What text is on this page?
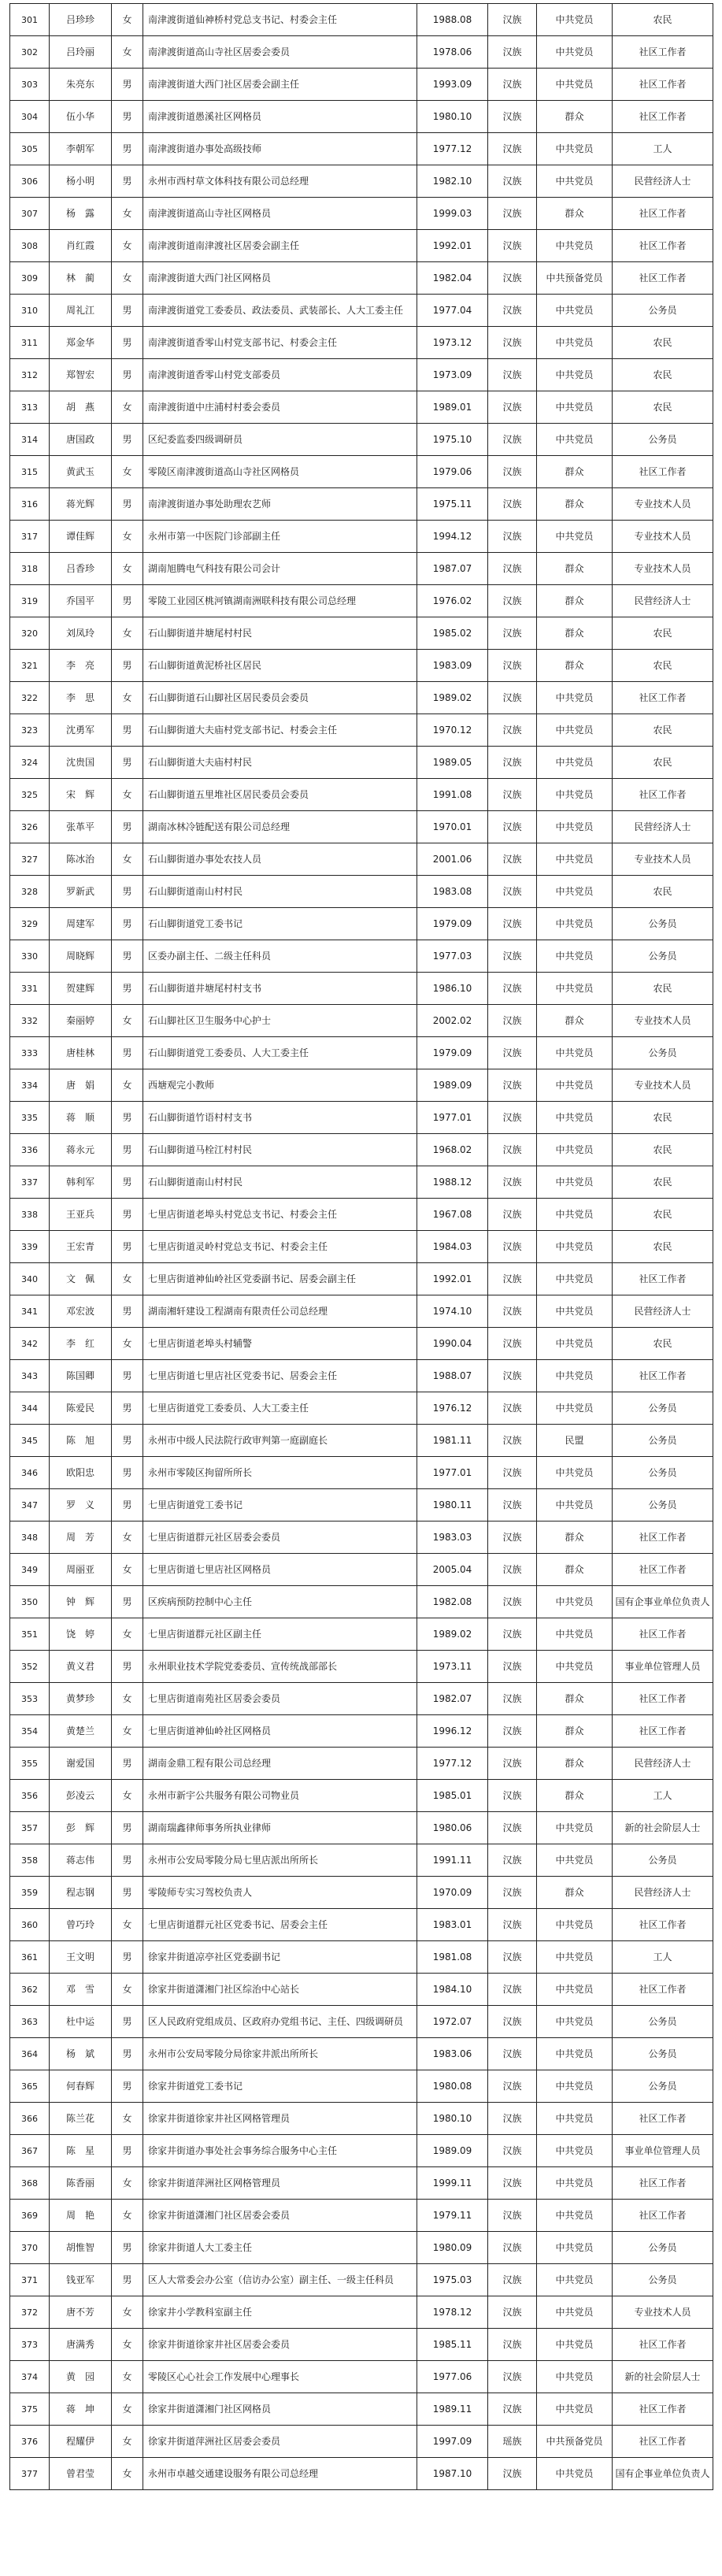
301	吕珍珍	女	南津渡街道仙神桥村党总支书记、村委会主任	1988.08	汉族	中共党员	农民
302	吕玲丽	女	南津渡街道高山寺社区居委会委员	1978.06	汉族	中共党员	社区工作者
303	朱亮东	男	南津渡街道大西门社区居委会副主任	1993.09	汉族	中共党员	社区工作者
304	伍小华	男	南津渡街道愚溪社区网格员	1980.10	汉族	群众	社区工作者
305	李朝军	男	南津渡街道办事处高级技师	1977.12	汉族	中共党员	工人
306	杨小明	男	永州市西村草文体科技有限公司总经理	1982.10	汉族	中共党员	民营经济人士
307	杨　露	女	南津渡街道高山寺社区网格员	1999.03	汉族	群众	社区工作者
308	肖红霞	女	南津渡街道南津渡社区居委会副主任	1992.01	汉族	中共党员	社区工作者
309	林　蔺	女	南津渡街道大西门社区网格员	1982.04	汉族	中共预备党员	社区工作者
310	周礼江	男	南津渡街道党工委委员、政法委员、武装部长、人大工委主任	1977.04	汉族	中共党员	公务员
311	郑金华	男	南津渡街道香零山村党支部书记、村委会主任	1973.12	汉族	中共党员	农民
312	郑智宏	男	南津渡街道香零山村党支部委员	1973.09	汉族	中共党员	农民
313	胡　燕	女	南津渡街道中庄浦村村委会委员	1989.01	汉族	中共党员	农民
314	唐国政	男	区纪委监委四级调研员	1975.10	汉族	中共党员	公务员
315	黄武玉	女	零陵区南津渡街道高山寺社区网格员	1979.06	汉族	群众	社区工作者
316	蒋光辉	男	南津渡街道办事处助理农艺师	1975.11	汉族	群众	专业技术人员
317	谭佳辉	女	永州市第一中医院门诊部副主任	1994.12	汉族	中共党员	专业技术人员
318	吕香珍	女	湖南旭腾电气科技有限公司会计	1987.07	汉族	群众	专业技术人员
319	乔国平	男	零陵工业园区桃河镇湖南洲联科技有限公司总经理	1976.02	汉族	群众	民营经济人士
320	刘凤玲	女	石山脚街道井塘尾村村民	1985.02	汉族	群众	农民
321	李　亮	男	石山脚街道黄泥桥社区居民	1983.09	汉族	群众	农民
322	李　思	女	石山脚街道石山脚社区居民委员会委员	1989.02	汉族	中共党员	社区工作者
323	沈勇军	男	石山脚街道大夫庙村党支部书记、村委会主任	1970.12	汉族	中共党员	农民
324	沈贵国	男	石山脚街道大夫庙村村民	1989.05	汉族	中共党员	农民
325	宋　辉	女	石山脚街道五里堆社区居民委员会委员	1991.08	汉族	中共党员	社区工作者
326	张革平	男	湖南冰林冷链配送有限公司总经理	1970.01	汉族	中共党员	民营经济人士
327	陈冰治	女	石山脚街道办事处农技人员	2001.06	汉族	中共党员	专业技术人员
328	罗新武	男	石山脚街道南山村村民	1983.08	汉族	中共党员	农民
329	周建军	男	石山脚街道党工委书记	1979.09	汉族	中共党员	公务员
330	周晓辉	男	区委办副主任、二级主任科员	1977.03	汉族	中共党员	公务员
331	贺建辉	男	石山脚街道井塘尾村村支书	1986.10	汉族	中共党员	农民
332	秦丽婷	女	石山脚社区卫生服务中心护士	2002.02	汉族	群众	专业技术人员
333	唐桂林	男	石山脚街道党工委委员、人大工委主任	1979.09	汉族	中共党员	公务员
334	唐　娟	女	西塘观完小教师	1989.09	汉族	中共党员	专业技术人员
335	蒋　顺	男	石山脚街道竹语村村支书	1977.01	汉族	中共党员	农民
336	蒋永元	男	石山脚街道马栓江村村民	1968.02	汉族	中共党员	农民
337	韩利军	男	石山脚街道南山村村民	1988.12	汉族	中共党员	农民
338	王亚兵	男	七里店街道老埠头村党总支书记、村委会主任	1967.08	汉族	中共党员	农民
339	王宏青	男	七里店街道灵岭村党总支书记、村委会主任	1984.03	汉族	中共党员	农民
340	文　佩	女	七里店街道神仙岭社区党委副书记、居委会副主任	1992.01	汉族	中共党员	社区工作者
341	邓宏波	男	湖南湘轩建设工程湖南有限责任公司总经理	1974.10	汉族	中共党员	民营经济人士
342	李　红	女	七里店街道老埠头村辅警	1990.04	汉族	中共党员	农民
343	陈国卿	男	七里店街道七里店社区党委书记、居委会主任	1988.07	汉族	中共党员	社区工作者
344	陈爱民	男	七里店街道党工委委员、人大工委主任	1976.12	汉族	中共党员	公务员
345	陈　旭	男	永州市中级人民法院行政审判第一庭副庭长	1981.11	汉族	民盟	公务员
346	欧阳忠	男	永州市零陵区拘留所所长	1977.01	汉族	中共党员	公务员
347	罗　义	男	七里店街道党工委书记	1980.11	汉族	中共党员	公务员
348	周　芳	女	七里店街道群元社区居委会委员	1983.03	汉族	群众	社区工作者
349	周丽亚	女	七里店街道七里店社区网格员	2005.04	汉族	群众	社区工作者
350	钟　辉	男	区疾病预防控制中心主任	1982.08	汉族	中共党员	国有企事业单位负责人
351	饶　婷	女	七里店街道群元社区副主任	1989.02	汉族	中共党员	社区工作者
352	黄义君	男	永州职业技术学院党委委员、宣传统战部部长	1973.11	汉族	中共党员	事业单位管理人员
353	黄梦珍	女	七里店街道南苑社区居委会委员	1982.07	汉族	群众	社区工作者
354	黄楚兰	女	七里店街道神仙岭社区网格员	1996.12	汉族	群众	社区工作者
355	谢爱国	男	湖南金鼎工程有限公司总经理	1977.12	汉族	群众	民营经济人士
356	彭凌云	女	永州市新宇公共服务有限公司物业员	1985.01	汉族	群众	工人
357	彭　辉	男	湖南瑞鑫律师事务所执业律师	1980.06	汉族	中共党员	新的社会阶层人士
358	蒋志伟	男	永州市公安局零陵分局七里店派出所所长	1991.11	汉族	中共党员	公务员
359	程志钢	男	零陵师专实习驾校负责人	1970.09	汉族	群众	民营经济人士
360	曾巧玲	女	七里店街道群元社区党委书记、居委会主任	1983.01	汉族	中共党员	社区工作者
361	王文明	男	徐家井街道凉亭社区党委副书记	1981.08	汉族	中共党员	工人
362	邓　雪	女	徐家井街道潇湘门社区综治中心站长	1984.10	汉族	中共党员	社区工作者
363	杜中运	男	区人民政府党组成员、区政府办党组书记、主任、四级调研员	1972.07	汉族	中共党员	公务员
364	杨　斌	男	永州市公安局零陵分局徐家井派出所所长	1983.06	汉族	中共党员	公务员
365	何春辉	男	徐家井街道党工委书记	1980.08	汉族	中共党员	公务员
366	陈兰花	女	徐家井街道徐家井社区网格管理员	1980.10	汉族	中共党员	社区工作者
367	陈　星	男	徐家井街道办事处社会事务综合服务中心主任	1989.09	汉族	中共党员	事业单位管理人员
368	陈香丽	女	徐家井街道萍洲社区网格管理员	1999.11	汉族	中共党员	社区工作者
369	周　艳	女	徐家井街道潇湘门社区居委会委员	1979.11	汉族	中共党员	社区工作者
370	胡惟智	男	徐家井街道人大工委主任	1980.09	汉族	中共党员	公务员
371	钱亚军	男	区人大常委会办公室（信访办公室）副主任、一级主任科员	1975.03	汉族	中共党员	公务员
372	唐不芳	女	徐家井小学教科室副主任	1978.12	汉族	中共党员	专业技术人员
373	唐满秀	女	徐家井街道徐家井社区居委会委员	1985.11	汉族	中共党员	社区工作者
374	黄　园	女	零陵区心心社会工作发展中心理事长	1977.06	汉族	中共党员	新的社会阶层人士
375	蒋　坤	女	徐家井街道潇湘门社区网格员	1989.11	汉族	中共党员	社区工作者
376	程耀伊	女	徐家井街道萍洲社区居委会委员	1997.09	瑶族	中共预备党员	社区工作者
377	曾君莹	女	永州市卓越交通建设服务有限公司总经理	1987.10	汉族	中共党员	国有企事业单位负责人
